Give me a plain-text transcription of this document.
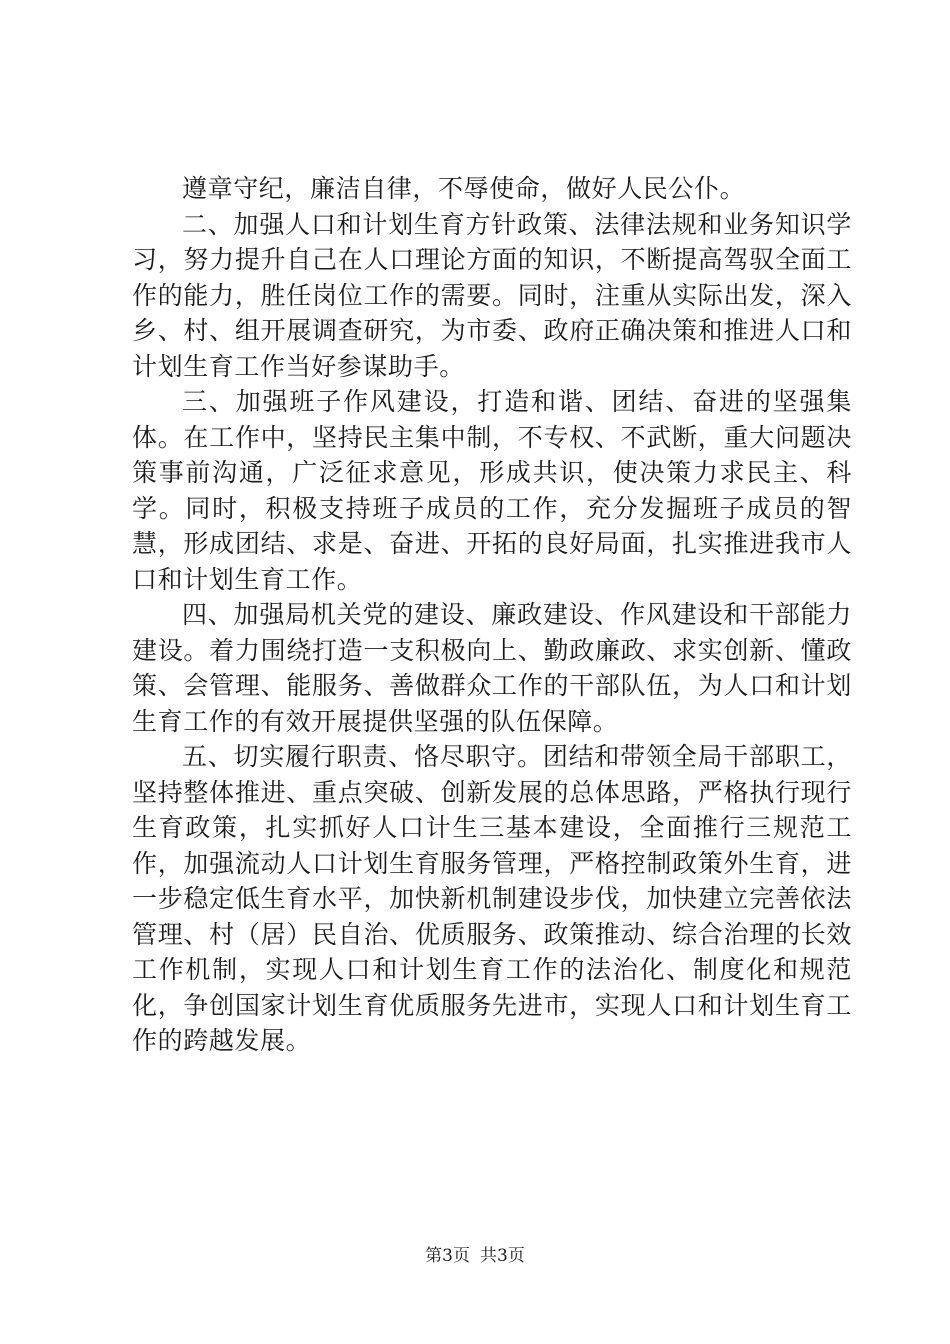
遵章守纪，廉洁自律，不辱使命，做好人民公仆。

二、加强人口和计划生育方针政策、法律法规和业务知识学习，努力提升自己在人口理论方面的知识，不断提高驾驭全面工作的能力，胜任岗位工作的需要。同时，注重从实际出发，深入乡、村、组开展调查研究，为市委、政府正确决策和推进人口和计划生育工作当好参谋助手。

三、加强班子作风建设，打造和谐、团结、奋进的坚强集体。在工作中，坚持民主集中制，不专权、不武断，重大问题决策事前沟通，广泛征求意见，形成共识，使决策力求民主、科学。同时，积极支持班子成员的工作，充分发掘班子成员的智慧，形成团结、求是、奋进、开拓的良好局面，扎实推进我市人口和计划生育工作。

四、加强局机关党的建设、廉政建设、作风建设和干部能力建设。着力围绕打造一支积极向上、勤政廉政、求实创新、懂政策、会管理、能服务、善做群众工作的干部队伍，为人口和计划生育工作的有效开展提供坚强的队伍保障。

五、切实履行职责、恪尽职守。团结和带领全局干部职工，坚持整体推进、重点突破、创新发展的总体思路，严格执行现行生育政策，扎实抓好人口计生三基本建设，全面推行三规范工作，加强流动人口计划生育服务管理，严格控制政策外生育，进一步稳定低生育水平，加快新机制建设步伐，加快建立完善依法管理、村（居）民自治、优质服务、政策推动、综合治理的长效工作机制，实现人口和计划生育工作的法治化、制度化和规范化，争创国家计划生育优质服务先进市，实现人口和计划生育工作的跨越发展。

第3页 共3页
